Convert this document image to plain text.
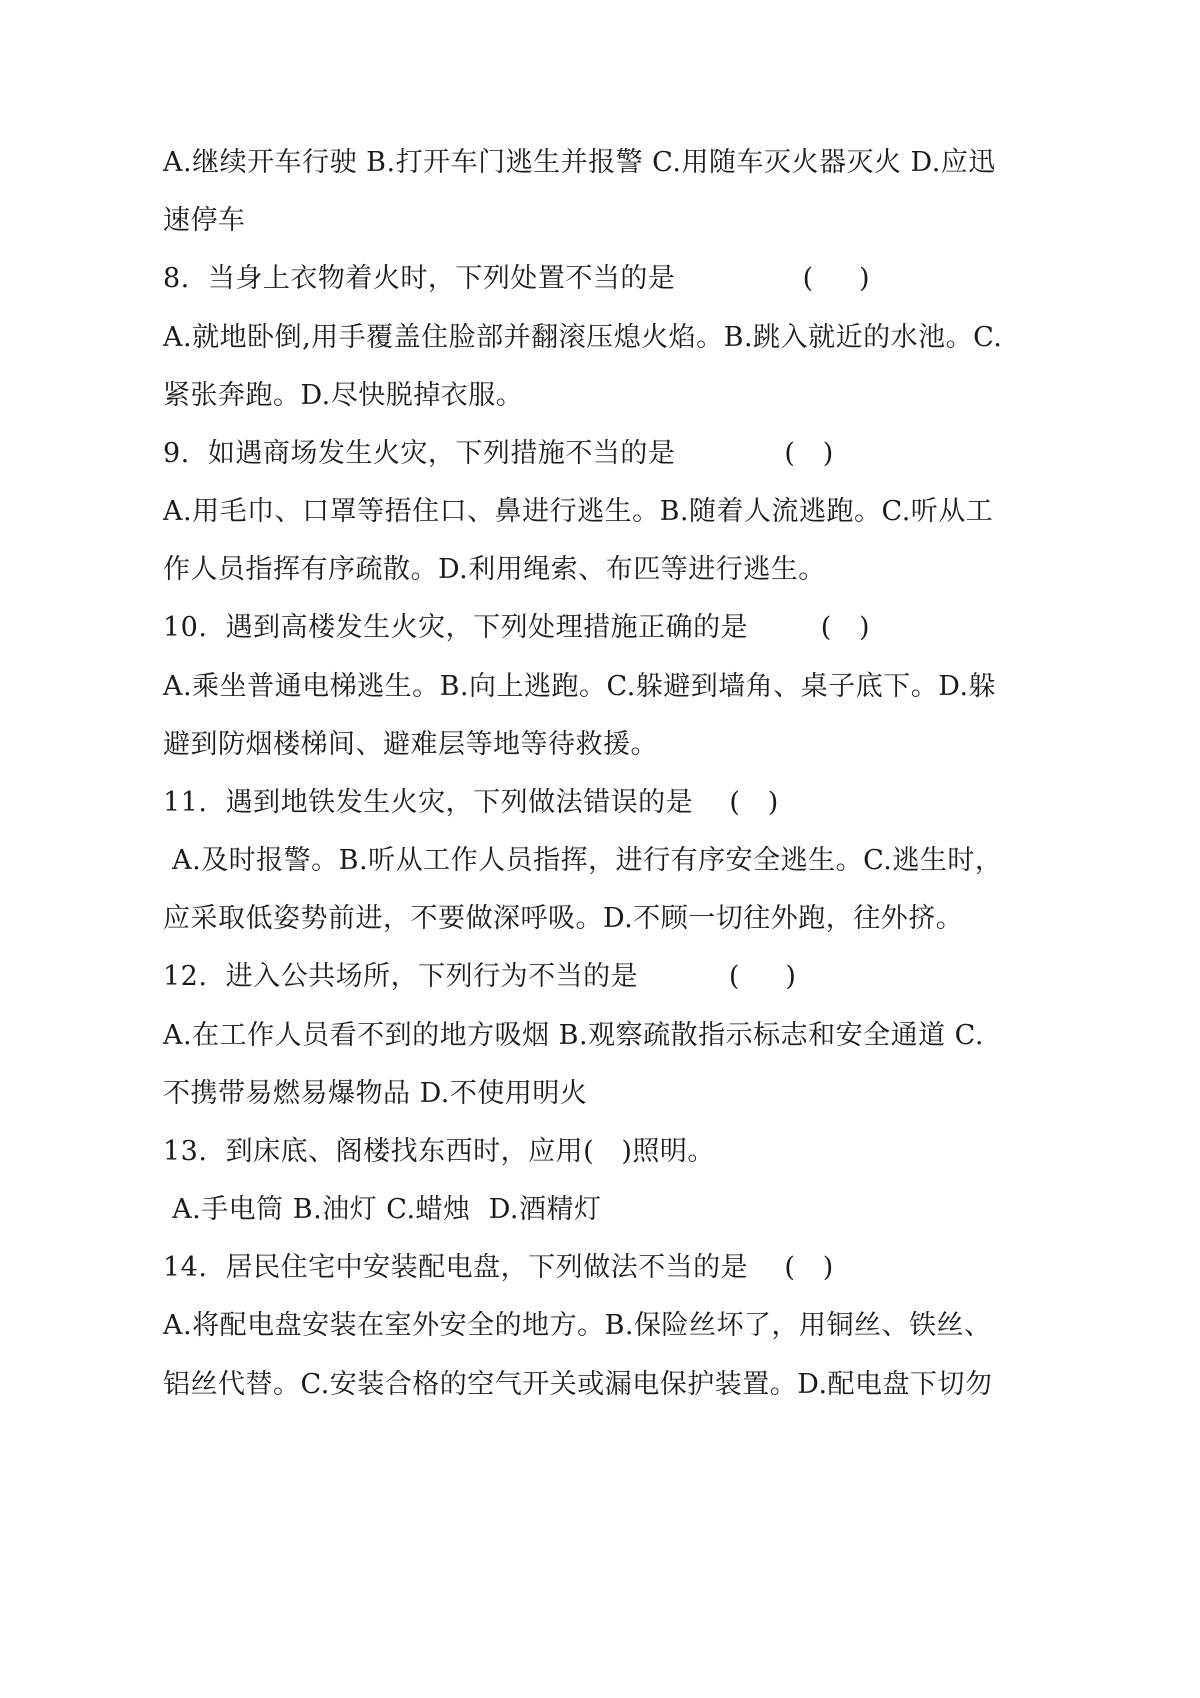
A.继续开车行驶 B.打开车门逃生并报警 C.用随车灭火器灭火 D.应迅
速停车
8.  当身上衣物着火时，下列处置不当的是              (     )
A.就地卧倒,用手覆盖住脸部并翻滚压熄火焰。B.跳入就近的水池。C.
紧张奔跑。D.尽快脱掉衣服。
9.  如遇商场发生火灾，下列措施不当的是            (   )
A.用毛巾、口罩等捂住口、鼻进行逃生。B.随着人流逃跑。C.听从工
作人员指挥有序疏散。D.利用绳索、布匹等进行逃生。
10.  遇到高楼发生火灾，下列处理措施正确的是        (   )
A.乘坐普通电梯逃生。B.向上逃跑。C.躲避到墙角、桌子底下。D.躲
避到防烟楼梯间、避难层等地等待救援。
11.  遇到地铁发生火灾，下列做法错误的是    (   )
A.及时报警。B.听从工作人员指挥，进行有序安全逃生。C.逃生时，
应采取低姿势前进，不要做深呼吸。D.不顾一切往外跑，往外挤。
12.  进入公共场所，下列行为不当的是          (     )
A.在工作人员看不到的地方吸烟 B.观察疏散指示标志和安全通道 C.
不携带易燃易爆物品 D.不使用明火
13.  到床底、阁楼找东西时，应用(   )照明。
A.手电筒 B.油灯 C.蜡烛  D.酒精灯
14.  居民住宅中安装配电盘，下列做法不当的是    (   )
A.将配电盘安装在室外安全的地方。B.保险丝坏了，用铜丝、铁丝、
铝丝代替。C.安装合格的空气开关或漏电保护装置。D.配电盘下切勿
